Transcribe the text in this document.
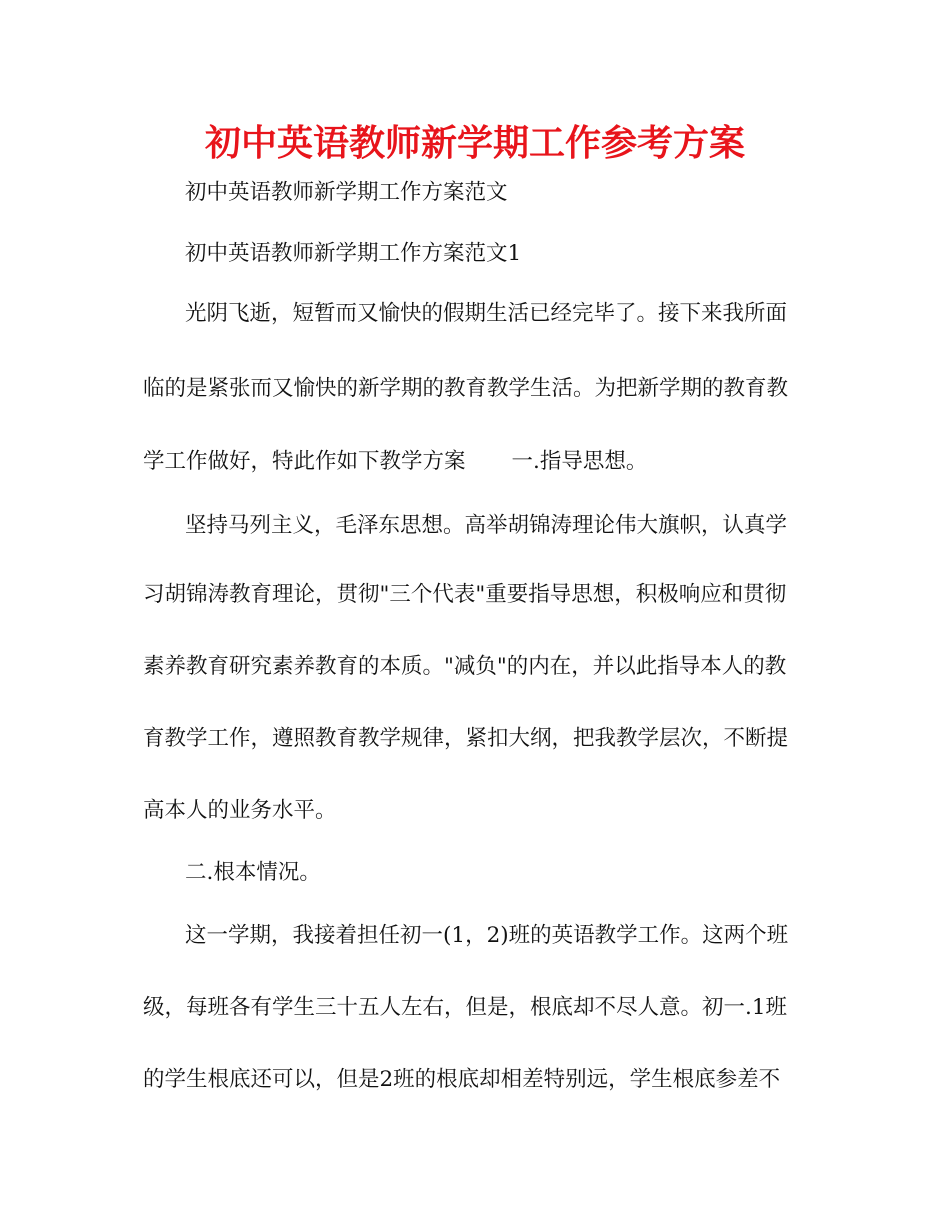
初中英语教师新学期工作参考方案

初中英语教师新学期工作方案范文

初中英语教师新学期工作方案范文1

光阴飞逝，短暂而又愉快的假期生活已经完毕了。接下来我所面

临的是紧张而又愉快的新学期的教育教学生活。为把新学期的教育教

学工作做好，特此作如下教学方案 一.指导思想。

坚持马列主义，毛泽东思想。高举胡锦涛理论伟大旗帜，认真学

习胡锦涛教育理论，贯彻"三个代表"重要指导思想，积极响应和贯彻

素养教育研究素养教育的本质。"减负"的内在，并以此指导本人的教

育教学工作，遵照教育教学规律，紧扣大纲，把我教学层次，不断提

高本人的业务水平。

二.根本情况。

这一学期，我接着担任初一(1，2)班的英语教学工作。这两个班

级，每班各有学生三十五人左右，但是，根底却不尽人意。初一.1班

的学生根底还可以，但是2班的根底却相差特别远，学生根底参差不
